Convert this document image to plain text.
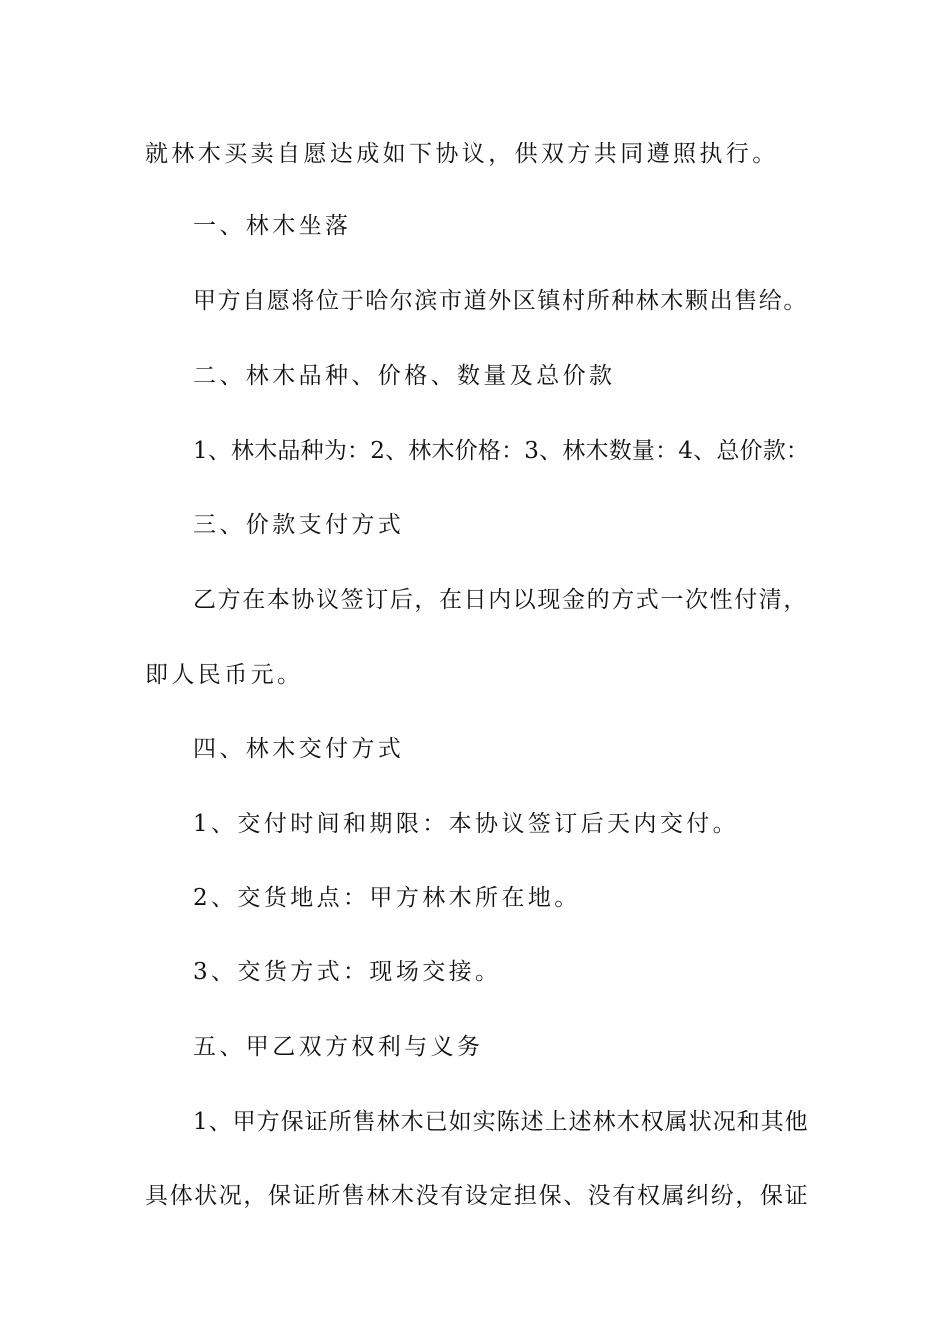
就林木买卖自愿达成如下协议，供双方共同遵照执行。
一、林木坐落
甲方自愿将位于哈尔滨市道外区镇村所种林木颗出售给。
二、林木品种、价格、数量及总价款
1、林木品种为：2、林木价格：3、林木数量：4、总价款：
三、价款支付方式
乙方在本协议签订后，在日内以现金的方式一次性付清，
即人民币元。
四、林木交付方式
1、交付时间和期限：本协议签订后天内交付。
2、交货地点：甲方林木所在地。
3、交货方式：现场交接。
五、甲乙双方权利与义务
1、甲方保证所售林木已如实陈述上述林木权属状况和其他
具体状况，保证所售林木没有设定担保、没有权属纠纷，保证
